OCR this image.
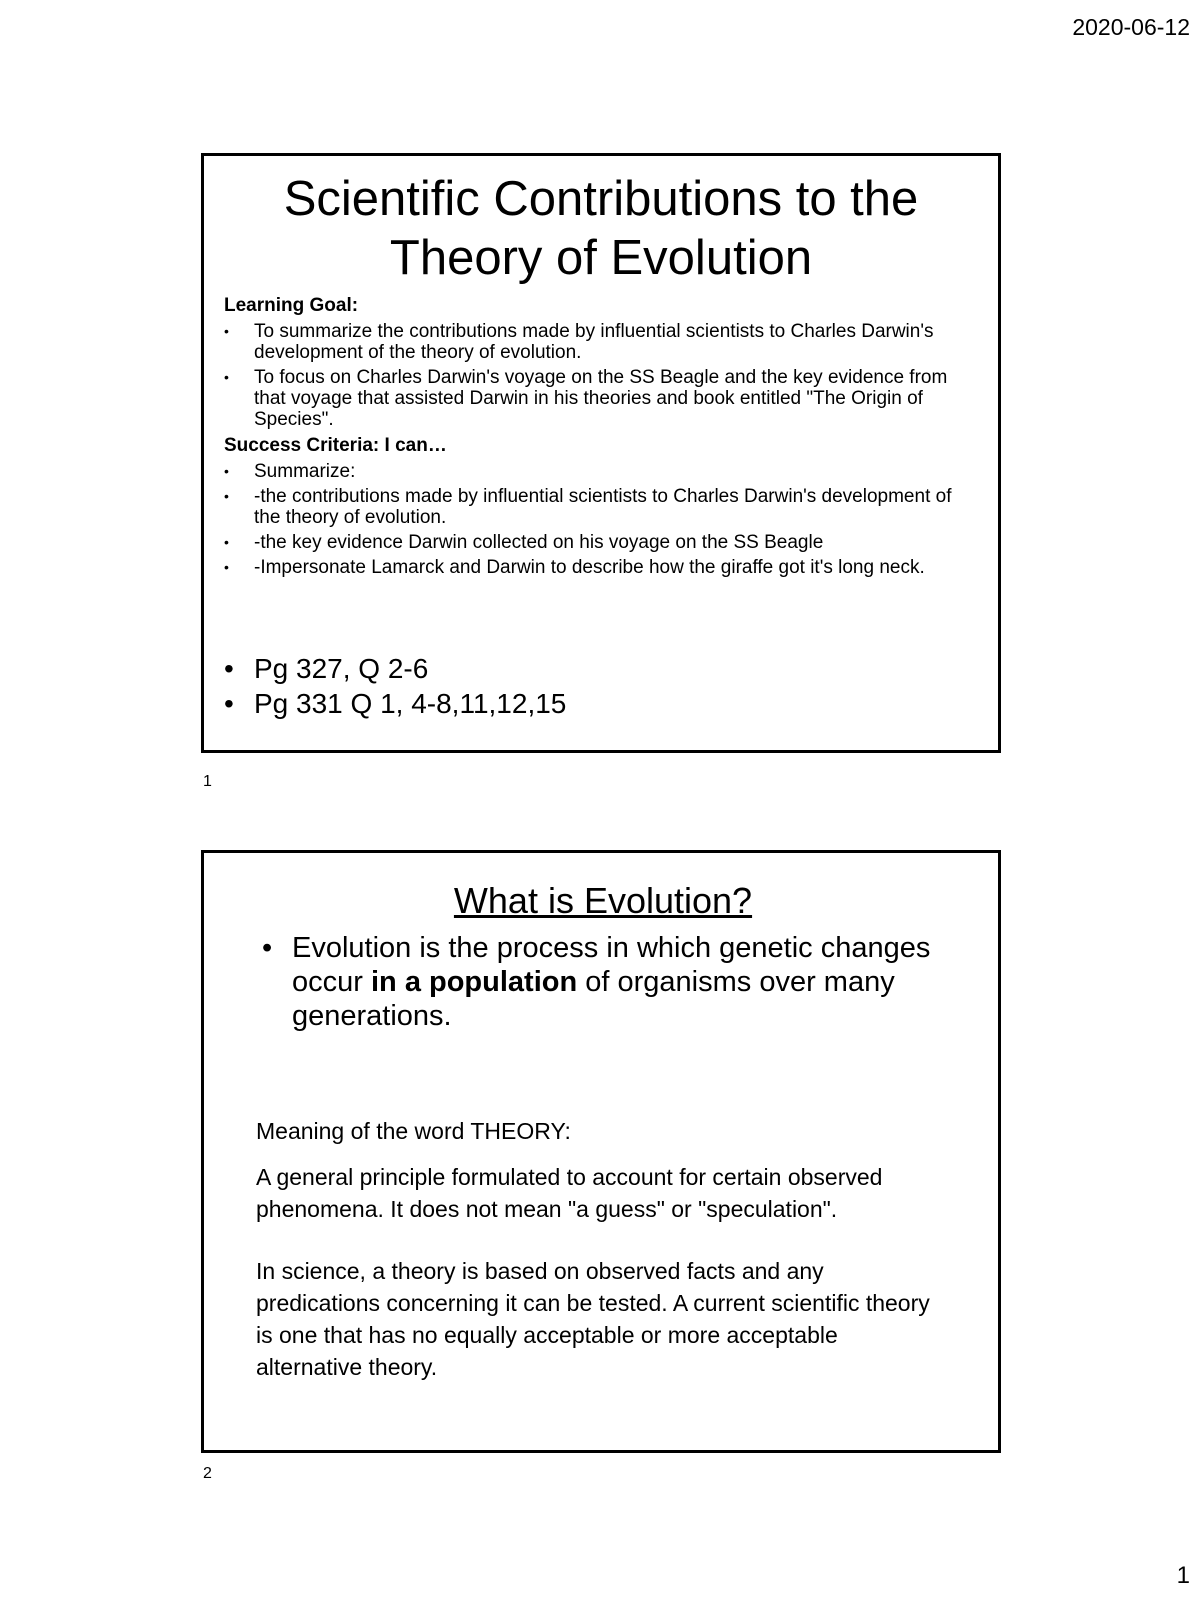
2020-06-12
Scientific Contributions to the
Theory of Evolution
Learning Goal:
• To summarize the contributions made by influential scientists to Charles Darwin's development of the theory of evolution.
• To focus on Charles Darwin's voyage on the SS Beagle and the key evidence from that voyage that assisted Darwin in his theories and book entitled "The Origin of Species".
Success Criteria: I can…
• Summarize:
• -the contributions made by influential scientists to Charles Darwin's development of the theory of evolution.
• -the key evidence Darwin collected on his voyage on the SS Beagle
• -Impersonate Lamarck and Darwin to describe how the giraffe got it's long neck.
• Pg 327, Q 2-6
• Pg 331 Q 1, 4-8,11,12,15
1
What is Evolution?
• Evolution is the process in which genetic changes occur in a population of organisms over many generations.
Meaning of the word THEORY:
A general principle formulated to account for certain observed phenomena. It does not mean "a guess" or "speculation".
In science, a theory is based on observed facts and any predications concerning it can be tested. A current scientific theory is one that has no equally acceptable or more acceptable alternative theory.
2
1
